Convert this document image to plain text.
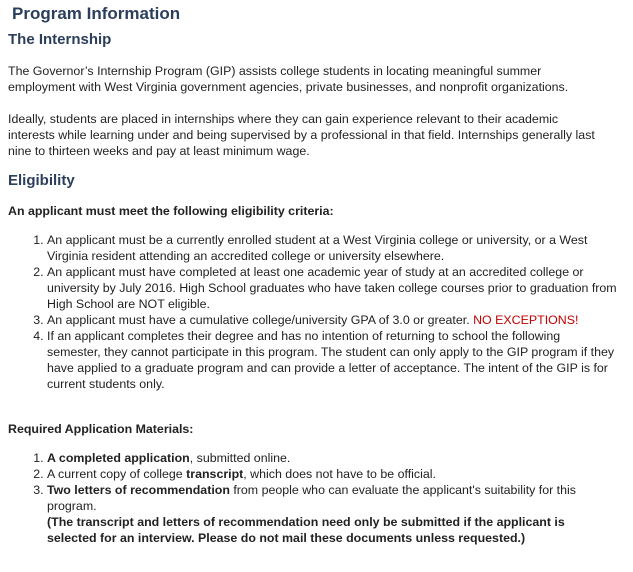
Program Information
The Internship

The Governor’s Internship Program (GIP) assists college students in locating meaningful summer employment with West Virginia government agencies, private businesses, and nonprofit organizations.

Ideally, students are placed in internships where they can gain experience relevant to their academic interests while learning under and being supervised by a professional in that field. Internships generally last nine to thirteen weeks and pay at least minimum wage.

Eligibility

An applicant must meet the following eligibility criteria:

1. An applicant must be a currently enrolled student at a West Virginia college or university, or a West Virginia resident attending an accredited college or university elsewhere.
2. An applicant must have completed at least one academic year of study at an accredited college or university by July 2016. High School graduates who have taken college courses prior to graduation from High School are NOT eligible.
3. An applicant must have a cumulative college/university GPA of 3.0 or greater. NO EXCEPTIONS!
4. If an applicant completes their degree and has no intention of returning to school the following semester, they cannot participate in this program. The student can only apply to the GIP program if they have applied to a graduate program and can provide a letter of acceptance. The intent of the GIP is for current students only.

Required Application Materials:

1. A completed application, submitted online.
2. A current copy of college transcript, which does not have to be official.
3. Two letters of recommendation from people who can evaluate the applicant's suitability for this program.
(The transcript and letters of recommendation need only be submitted if the applicant is selected for an interview. Please do not mail these documents unless requested.)
